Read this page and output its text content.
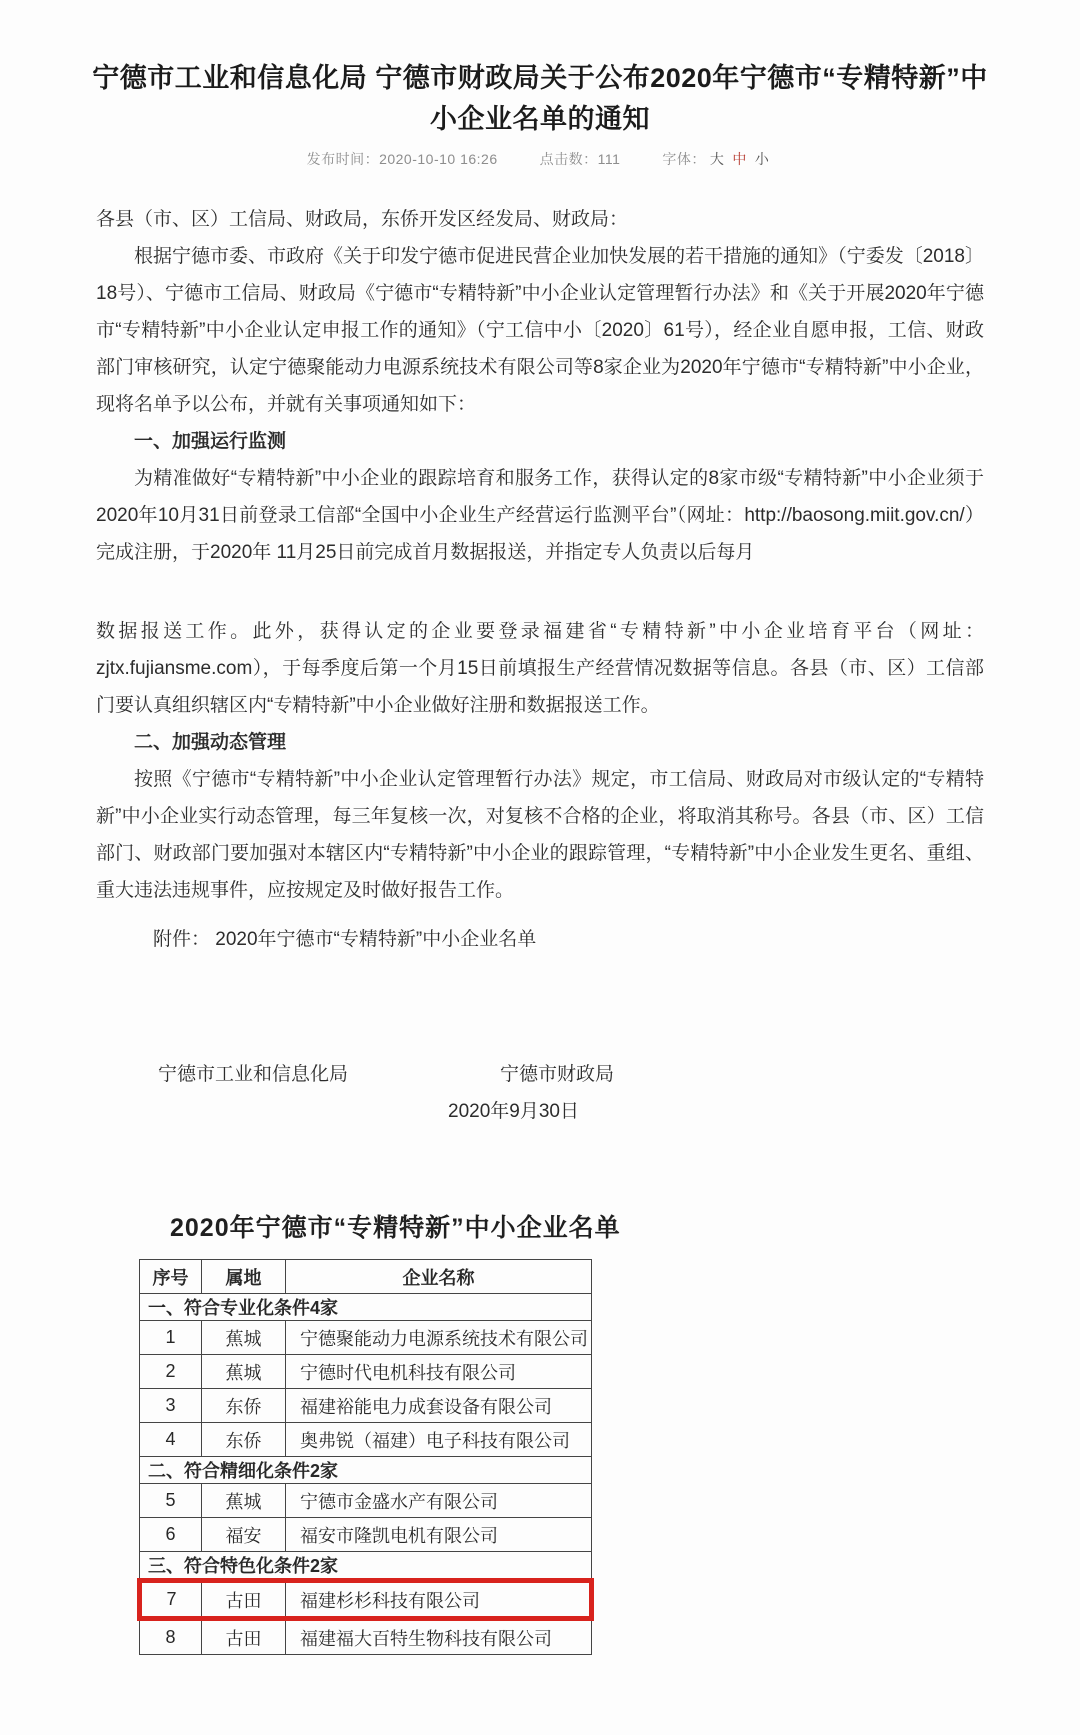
宁德市工业和信息化局 宁德市财政局关于公布2020年宁德市“专精特新”中小企业名单的通知
发布时间：2020-10-10 16:26	点击数：111	字体： 大 中 小

各县（市、区）工信局、财政局，东侨开发区经发局、财政局：

根据宁德市委、市政府《关于印发宁德市促进民营企业加快发展的若干措施的通知》（宁委发〔2018〕18号）、宁德市工信局、财政局《宁德市“专精特新”中小企业认定管理暂行办法》和《关于开展2020年宁德市“专精特新”中小企业认定申报工作的通知》（宁工信中小〔2020〕61号），经企业自愿申报，工信、财政部门审核研究，认定宁德聚能动力电源系统技术有限公司等8家企业为2020年宁德市“专精特新”中小企业，现将名单予以公布，并就有关事项通知如下：

一、加强运行监测

为精准做好“专精特新”中小企业的跟踪培育和服务工作，获得认定的8家市级“专精特新”中小企业须于2020年10月31日前登录工信部“全国中小企业生产经营运行监测平台”（网址：http://baosong.miit.gov.cn/）完成注册，于2020年 11月25日前完成首月数据报送，并指定专人负责以后每月

数据报送工作。此外，获得认定的企业要登录福建省“专精特新”中小企业培育平台（网址：zjtx.fujiansme.com），于每季度后第一个月15日前填报生产经营情况数据等信息。各县（市、区）工信部门要认真组织辖区内“专精特新”中小企业做好注册和数据报送工作。

二、加强动态管理

按照《宁德市“专精特新”中小企业认定管理暂行办法》规定，市工信局、财政局对市级认定的“专精特新”中小企业实行动态管理，每三年复核一次，对复核不合格的企业，将取消其称号。各县（市、区）工信部门、财政部门要加强对本辖区内“专精特新”中小企业的跟踪管理，“专精特新”中小企业发生更名、重组、重大违法违规事件，应按规定及时做好报告工作。

附件： 2020年宁德市“专精特新”中小企业名单

宁德市工业和信息化局	宁德市财政局
2020年9月30日
2020年宁德市“专精特新”中小企业名单
序号	属地	企业名称
一、符合专业化条件4家		
1	蕉城	宁德聚能动力电源系统技术有限公司
2	蕉城	宁德时代电机科技有限公司
3	东侨	福建裕能电力成套设备有限公司
4	东侨	奥弗锐（福建）电子科技有限公司
二、符合精细化条件2家		
5	蕉城	宁德市金盛水产有限公司
6	福安	福安市隆凯电机有限公司
三、符合特色化条件2家		
7	古田	福建杉杉科技有限公司
8	古田	福建福大百特生物科技有限公司
